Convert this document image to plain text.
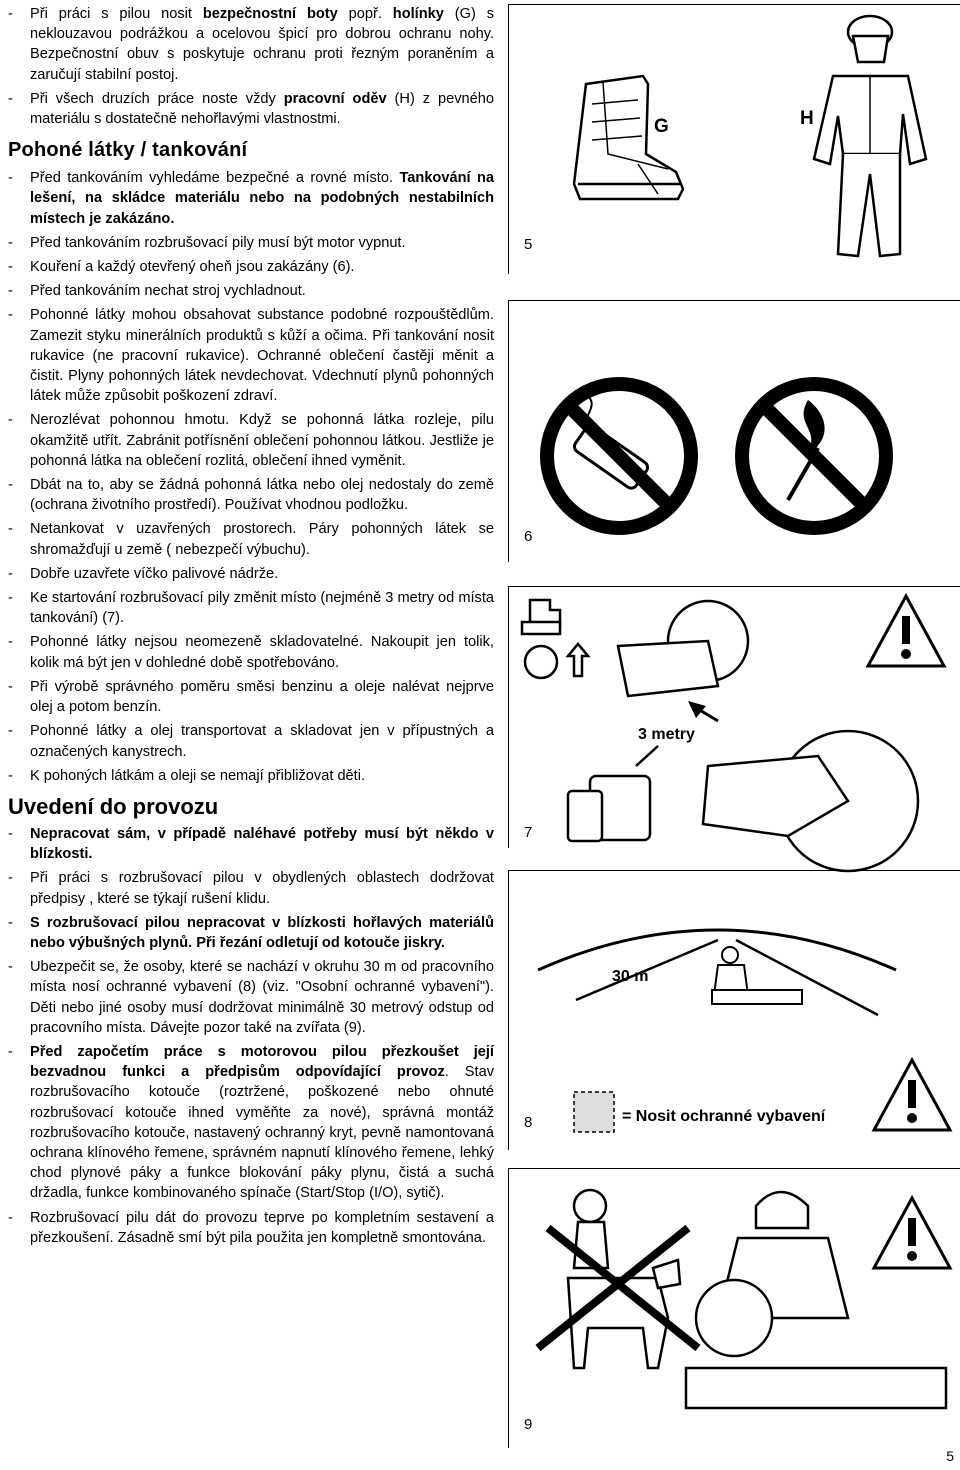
- Při práci s pilou nosit bezpečnostní boty popř. holínky (G) s neklouzavou podrážkou a ocelovou špicí pro dobrou ochranu nohy. Bezpečnostní obuv s poskytuje ochranu proti řezným poraněním a zaručují stabilní postoj.
- Při všech druzích práce noste vždy pracovní oděv (H) z pevného materiálu s dostatečně nehořlavými vlastnostmi.
Pohoné látky / tankování
- Před tankováním vyhledáme bezpečné a rovné místo. Tankování na lešení, na skládce materiálu nebo na podobných nestabilních místech je zakázáno.
- Před tankováním rozbrušovací pily musí být motor vypnut.
- Kouření a každý otevřený oheň jsou zakázány (6).
- Před tankováním nechat stroj vychladnout.
- Pohonné látky mohou obsahovat substance podobné rozpouštědlům. Zamezit styku minerálních produktů s kůží a očima. Při tankování nosit rukavice (ne pracovní rukavice). Ochranné oblečení častěji měnit a čistit. Plyny pohonných látek nevdechovat. Vdechnutí plynů pohonných látek může způsobit poškození zdraví.
- Nerozlévat pohonnou hmotu. Když se pohonná látka rozleje, pilu okamžitě utřít. Zabránit potřísnění oblečení pohonnou látkou. Jestliže je pohonná látka na oblečení rozlitá, oblečení ihned vyměnit.
- Dbát na to, aby se žádná pohonná látka nebo olej nedostaly do země (ochrana životního prostředí). Používat vhodnou podložku.
- Netankovat v uzavřených prostorech. Páry pohonných látek se shromažďují u země ( nebezpečí výbuchu).
- Dobře uzavřete víčko palivové nádrže.
- Ke startování rozbrušovací pily změnit místo (nejméně 3 metry od místa tankování) (7).
- Pohonné látky nejsou neomezeně skladovatelné. Nakoupit jen tolik, kolik má být jen v dohledné době spotřebováno.
- Při výrobě správného poměru směsi benzinu a oleje nalévat nejprve olej a potom benzín.
- Pohonné látky a olej transportovat a skladovat jen v přípustných a označených kanystrech.
- K pohoných látkám a oleji se nemají přibližovat děti.
Uvedení do provozu
- Nepracovat sám, v případě naléhavé potřeby musí být někdo v blízkosti.
- Při práci s rozbrušovací pilou v obydlených oblastech dodržovat předpisy , které se týkají rušení klidu.
- S rozbrušovací pilou nepracovat v blízkosti hořlavých materiálů nebo výbušných plynů. Při řezání odletují od kotouče jiskry.
- Ubezpečit se, že osoby, které se nachází v okruhu 30 m od pracovního místa nosí ochranné vybavení (8) (viz. "Osobní ochranné vybavení"). Děti nebo jiné osoby musí dodržovat minimálně 30 metrový odstup od pracovního místa. Dávejte pozor také na zvířata (9).
- Před započetím práce s motorovou pilou přezkoušet její bezvadnou funkci a předpisům odpovídající provoz. Stav rozbrušovacího kotouče (roztržené, poškozené nebo ohnuté rozbrušovací kotouče ihned vyměňte za nové), správná montáž rozbrušovacího kotouče, nastavený ochranný kryt, pevně namontovaná ochrana klínového řemene, správném napnutí klínového řemene, lehký chod plynové páky a funkce blokování páky plynu, čistá a suchá držadla, funkce kombinovaného spínače (Start/Stop (I/O), sytič).
- Rozbrušovací pilu dát do provozu teprve po kompletním sestavení a přezkoušení. Zásadně smí být pila použita jen kompletně smontována.
5
G	H
6
7
3 metry
8
30 m
= Nosit ochranné vybavení
9
5
